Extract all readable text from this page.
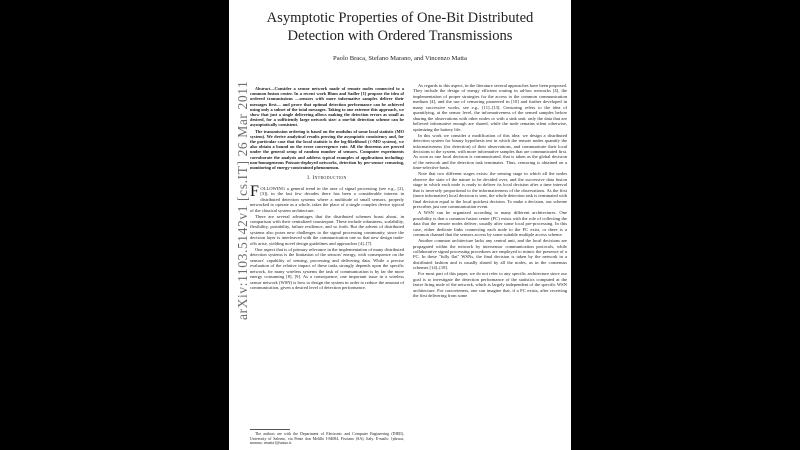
arXiv:1103.5142v1 [cs.IT] 26 Mar 2011
Asymptotic Properties of One-Bit Distributed Detection with Ordered Transmissions
Paolo Braca, Stefano Marano, and Vincenzo Matta

Abstract—Consider a sensor network made of remote nodes connected to a common fusion center. In a recent work Blum and Sadler [1] propose the idea of ordered transmissions —sensors with more informative samples deliver their messages first— and prove that optimal detection performance can be achieved using only a subset of the total messages. Taking to one extreme this approach, we show that just a single delivering allows making the detection errors as small as desired, for a sufficiently large network size: a one-bit detection scheme can be asymptotically consistent.

The transmission ordering is based on the modulus of some local statistic (MO system). We derive analytical results proving the asymptotic consistency and, for the particular case that the local statistic is the log-likelihood (ℓ-MO system), we also obtain a bound on the error convergence rate. All the theorems are proved under the general setup of random number of sensors. Computer experiments corroborate the analysis and address typical examples of applications including: non-homogeneous Poisson-deployed networks, detection by per-sensor censoring, monitoring of energy-constrained phenomenon.

I. Introduction

FOLLOWING a general trend in the area of signal processing (see e.g., [2], [3]), in the last few decades there has been a considerable interest in distributed detection systems where a multitude of small sensors, properly networked to operate as a whole, takes the place of a single complex device typical of the classical system architecture.

There are several advantages that the distributed schemes boast about, in comparison with their centralized counterpart. These include robustness, scalability, flexibility, portability, failure resilience, and so forth. But the advent of distributed systems also poses new challenges to the signal processing community, since the decision layer is interleaved with the communication one so that new design trade-offs arise, yielding novel design guidelines and approaches [4]–[7].

One aspect that is of primary relevance in the implementation of many distributed detection systems is the limitation of the sensors' energy, with consequence on the sensors' capability of sensing, processing and delivering data. While a precise evaluation of the relative impact of these tasks strongly depends upon the specific network, for many wireless systems the task of communication is by far the more energy consuming [8], [9]. As a consequence, one important issue in a wireless sensor network (WSN) is how to design the system in order to reduce the amount of communication, given a desired level of detection performance.

The authors are with the Department of Electronic and Computer Engineering (DIEII), University of Salerno, via Ponte don Melillo I-84084, Fisciano (SA), Italy. E-mails: {pbraca, marano, vmatta}@unisa.it.

As regards to this aspect, in the literature several approaches have been proposed. They include the design of energy efficient routing in ad-hoc networks [4], the implementation of proper strategies for the access to the common communication medium [4], and the use of censoring pioneered in [10] and further developed in many successive works, see e.g., [11]–[13]. Censoring refers to the idea of quantifying, at the sensor level, the informativeness of the sensed samples before sharing the observations with other nodes or with a sink unit: only the data that are believed informative enough are shared, while the node remains silent otherwise, optimizing the battery life.

In this work we consider a modification of this idea: we design a distributed detection system for binary hypothesis test in which the remote nodes quantify the informativeness (for detection) of their observations, and communicate their local decisions to the system, with more informative samples that are communicated first. As soon as one local decision is communicated, that is taken as the global decision of the network and the detection task terminates. Thus, censoring is obtained on a time-selective basis.

Note that two different stages exists: the sensing stage in which all the nodes observe the state of the nature to be decided over, and the successive data fusion stage in which each node is ready to deliver its local decision after a time interval that is inversely proportional to the informativeness of the observations. As the first (more informative) local decision is sent, the whole detection task is terminated with final decision equal to the local quickest decision. To make a decision, our scheme prescribes just one communication event.

A WSN can be organized according to many different architectures. One possibility is that a common fusion center (FC) exists with the role of collecting the data that the remote nodes deliver, usually after some local pre-processing. In this case, either dedicate links connecting each node to the FC exist, or there is a common channel that the sensors access by some suitable multiple access scheme.

Another common architecture lacks any central unit, and the local decisions are propagated within the network by intersensor communication protocols, while collaborative signal processing procedures are employed to mimic the presence of a FC. In these "fully flat" WSNs, the final decision is taken by the network in a distributed fashion and is usually shared by all the nodes, as in the consensus schemes [14]–[18].

For most part of this paper, we do not refer to any specific architecture since our goal is to investigate the detection performance of the statistics computed at the faster firing node of the network, which is largely independent of the specific WSN architecture. For concreteness, one can imagine that, if a FC exists, after receiving the first delivering from some
